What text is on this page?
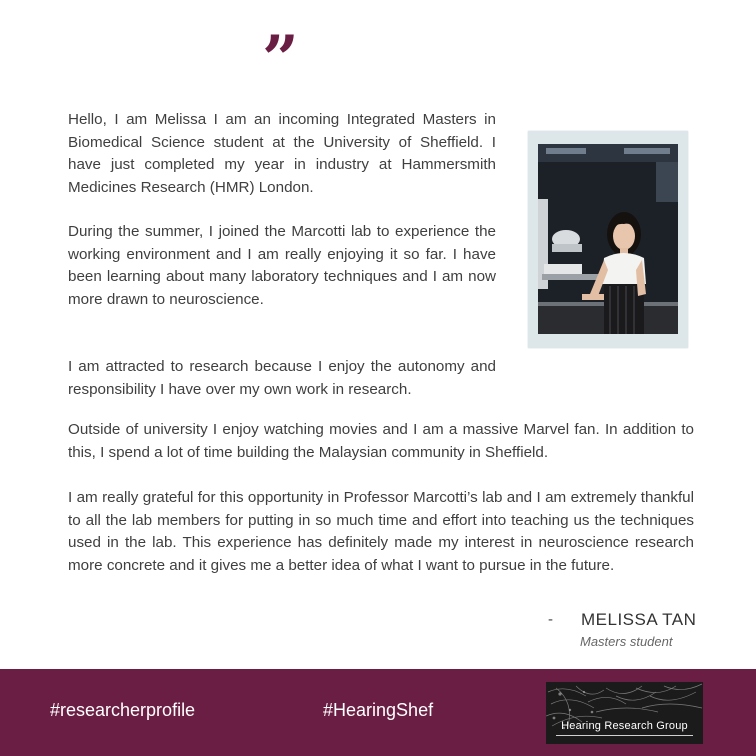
”

Hello, I am Melissa I am an incoming Integrated Masters in Biomedical Science student at the University of Sheffield. I have just completed my year in industry at Hammersmith Medicines Research (HMR) London.

During the summer, I joined the Marcotti lab to experience the working environment and I am really enjoying it so far. I have been learning about many laboratory techniques and I am now more drawn to neuroscience.

I am attracted to research because I enjoy the autonomy and responsibility I have over my own work in research.

Outside of university I enjoy watching movies and I am a massive Marvel fan. In addition to this, I spend a lot of time building the Malaysian community in Sheffield.

I am really grateful for this opportunity in Professor Marcotti’s lab and I am extremely thankful to all the lab members for putting in so much time and effort into teaching us the techniques used in the lab. This experience has definitely made my interest in neuroscience research more concrete and it gives me a better idea of what I want to pursue in the future.

- MELISSA TAN
Masters student
#researcherprofile	#HearingShef
Hearing Research Group
